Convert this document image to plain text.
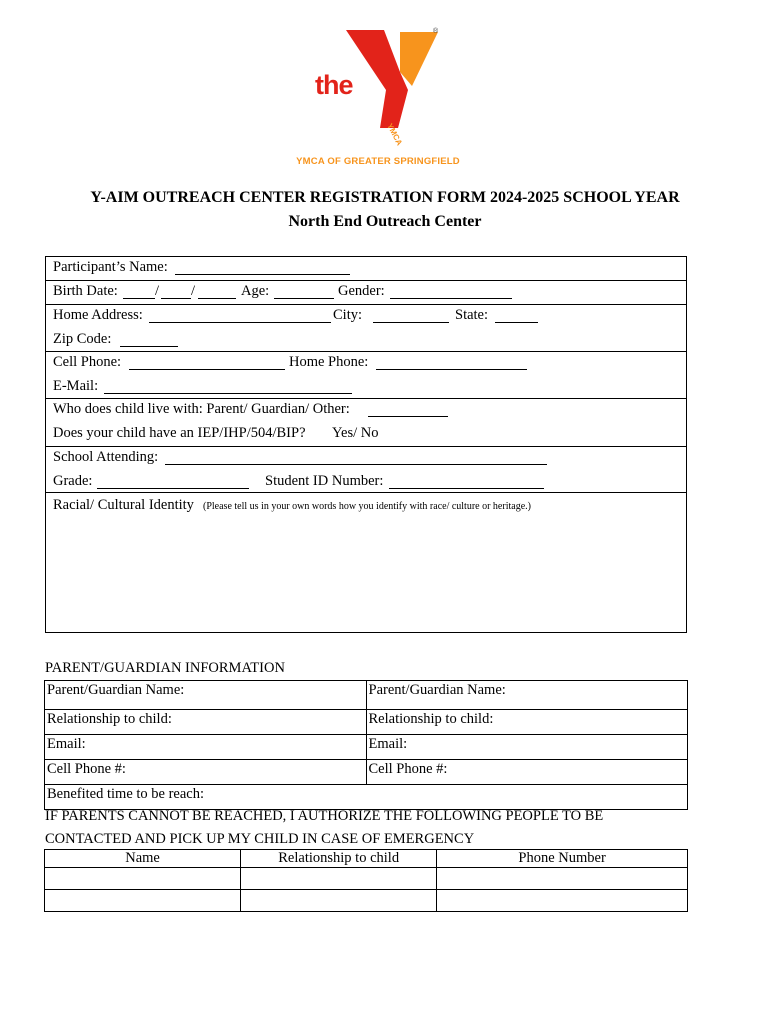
the
YMCA
®
YMCA OF GREATER SPRINGFIELD
Y-AIM OUTREACH CENTER REGISTRATION FORM 2024-2025 SCHOOL YEAR
North End Outreach Center
Participant’s Name:
Birth Date:	/ /	Age:	Gender:
Home Address:	City:	State:
Zip Code:
Cell Phone:	Home Phone:
E-Mail:
Who does child live with: Parent/ Guardian/ Other:
Does your child have an IEP/IHP/504/BIP? Yes/ No
School Attending:
Grade:	Student ID Number:
Racial/ Cultural Identity (Please tell us in your own words how you identify with race/ culture or heritage.)
PARENT/GUARDIAN INFORMATION
Parent/Guardian Name:	Parent/Guardian Name:
Relationship to child:	Relationship to child:
Email:	Email:
Cell Phone #:	Cell Phone #:
Benefited time to be reach:	
IF PARENTS CANNOT BE REACHED, I AUTHORIZE THE FOLLOWING PEOPLE TO BE
CONTACTED AND PICK UP MY CHILD IN CASE OF EMERGENCY
Name	Relationship to child	Phone Number
